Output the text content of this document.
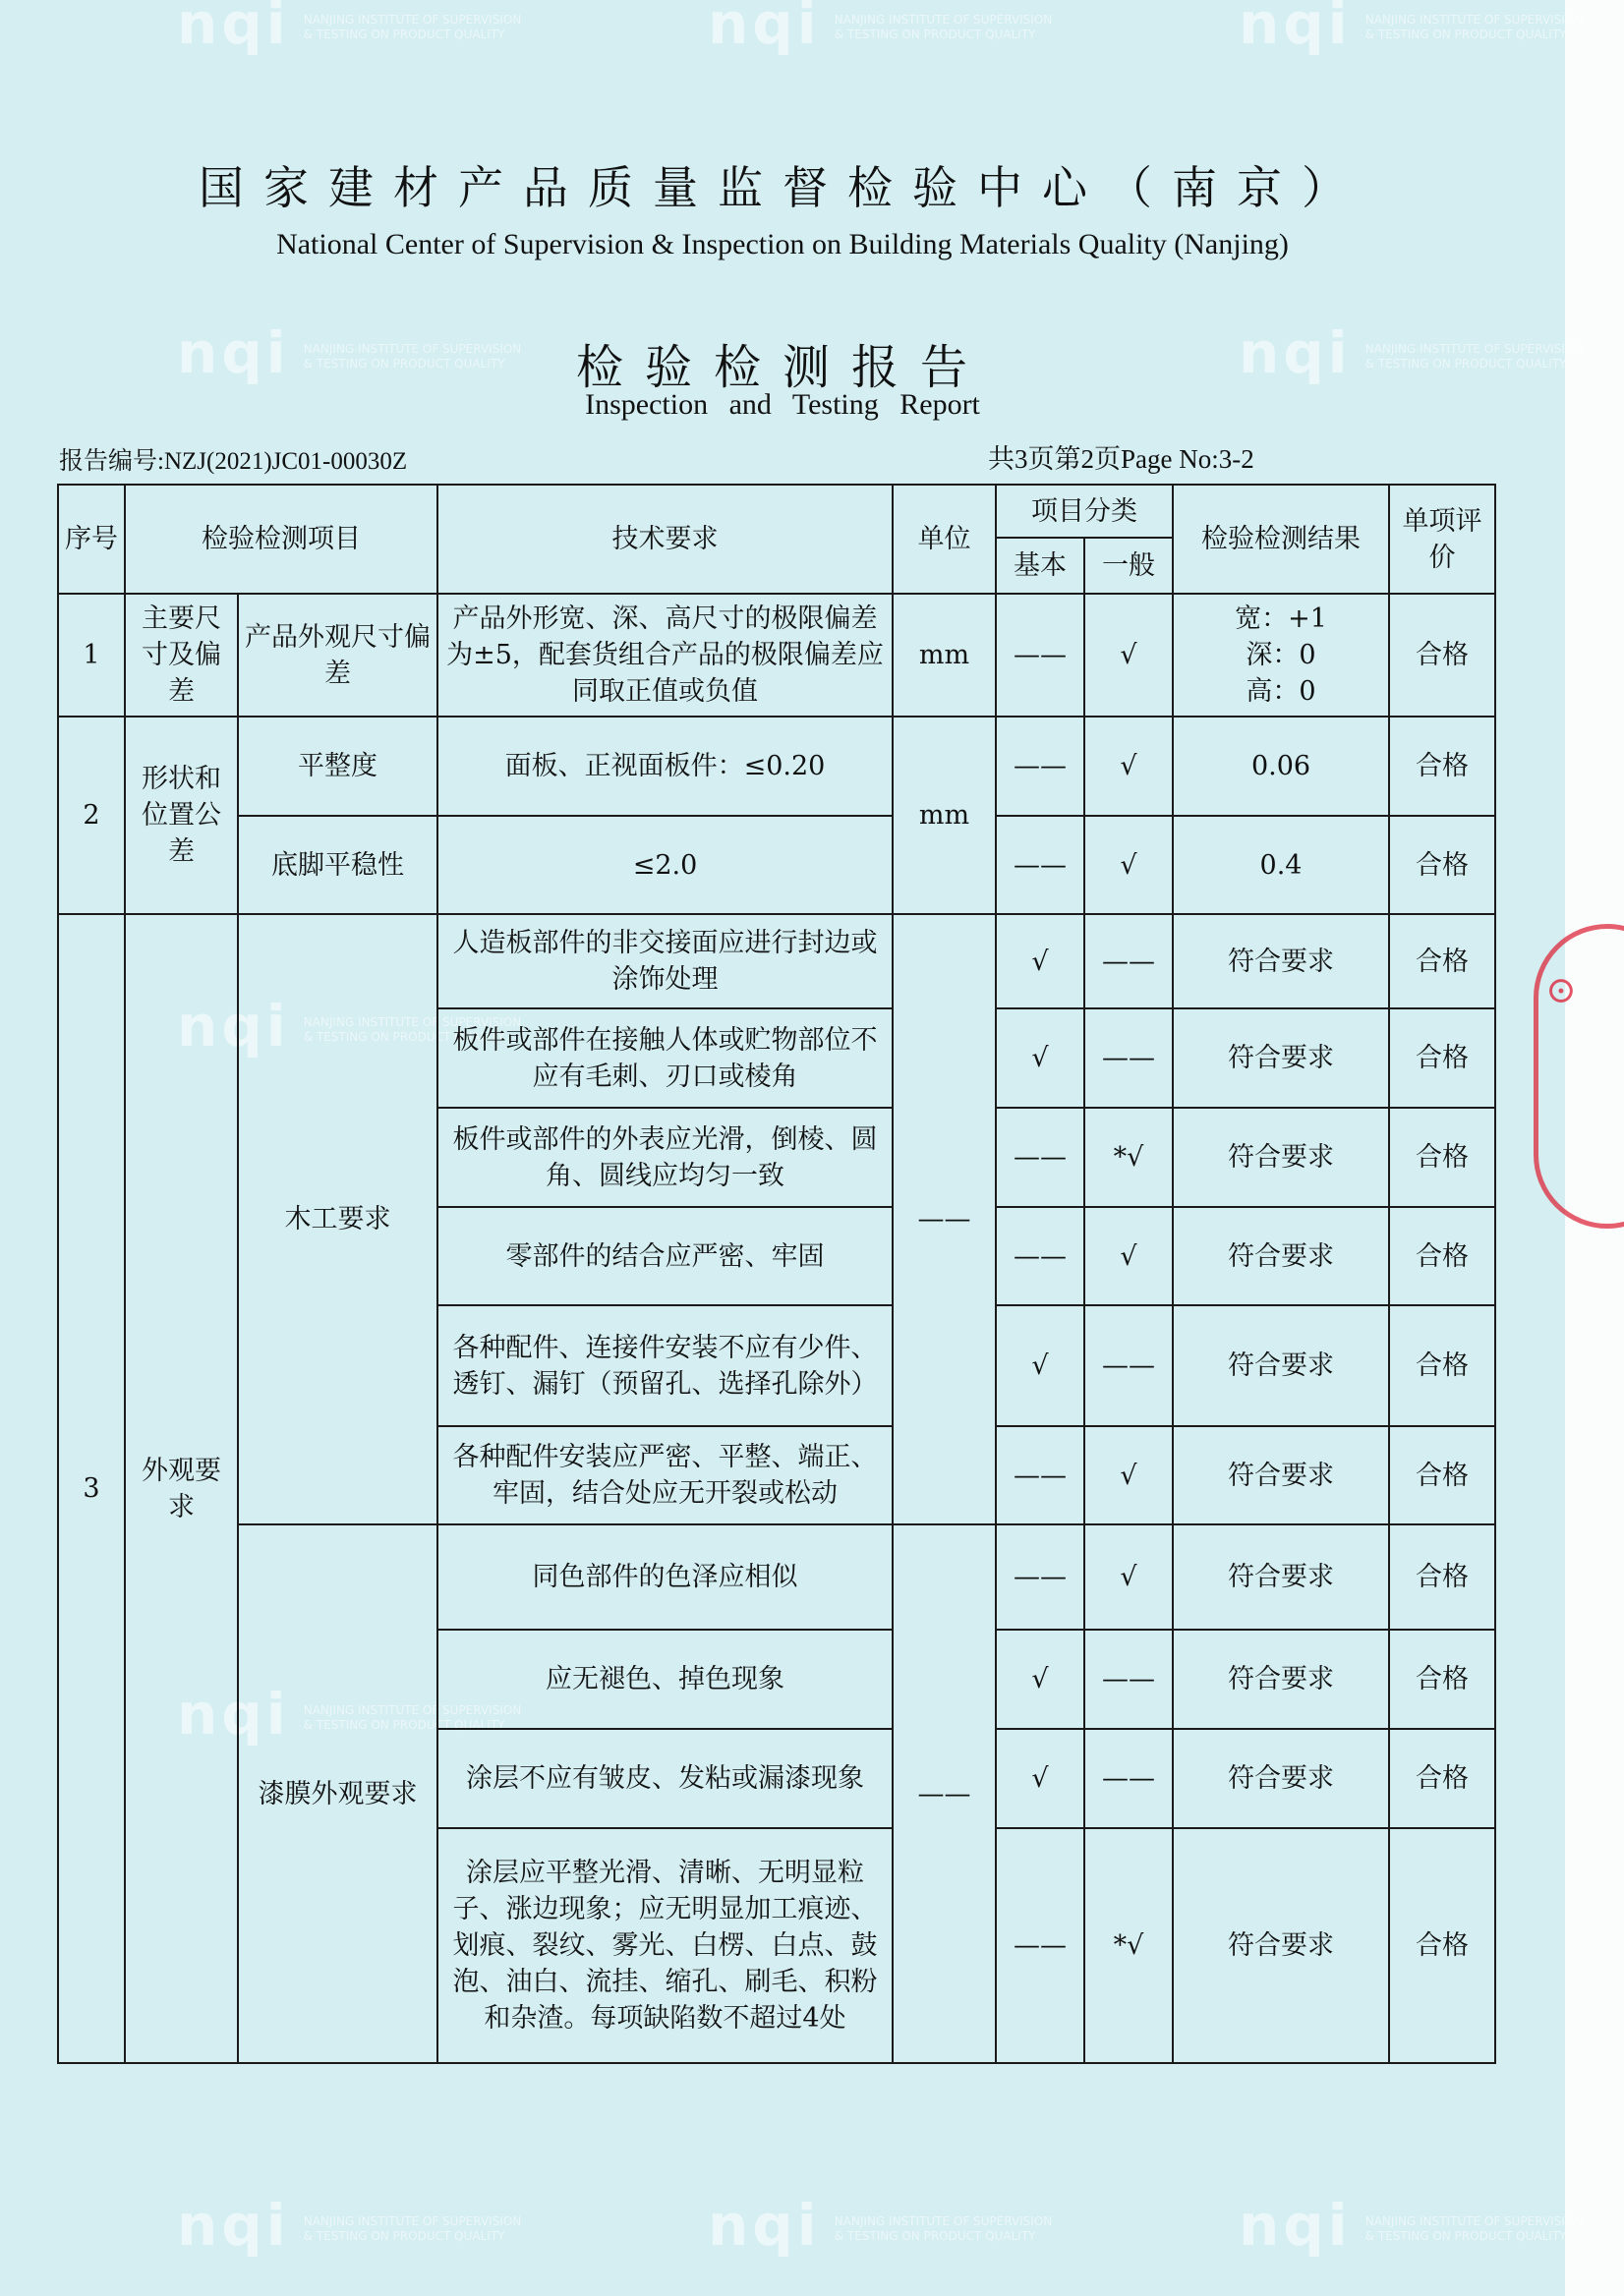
nqi NANJING INSTITUTE OF SUPERVISION
& TESTING ON PRODUCT QUALITY	nqi NANJING INSTITUTE OF SUPERVISION
& TESTING ON PRODUCT QUALITY	nqi NANJING INSTITUTE OF SUPERVISION
& TESTING ON PRODUCT QUALITY
nqi NANJING INSTITUTE OF SUPERVISION
& TESTING ON PRODUCT QUALITY	nqi NANJING INSTITUTE OF SUPERVISION
& TESTING ON PRODUCT QUALITY
nqi NANJING INSTITUTE OF SUPERVISION
& TESTING ON PRODUCT QUALITY
nqi NANJING INSTITUTE OF SUPERVISION
& TESTING ON PRODUCT QUALITY
nqi NANJING INSTITUTE OF SUPERVISION
& TESTING ON PRODUCT QUALITY	nqi NANJING INSTITUTE OF SUPERVISION
& TESTING ON PRODUCT QUALITY	nqi NANJING INSTITUTE OF SUPERVISION
& TESTING ON PRODUCT QUALITY
国家建材产品质量监督检验中心（南京）
National Center of Supervision & Inspection on Building Materials Quality (Nanjing)
检验检测报告
Inspection and Testing Report
报告编号:NZJ(2021)JC01-00030Z	共3页第2页Page No:3-2
序号	检验检测项目		技术要求	单位	项目分类		检验检测结果	单项评价
					基本	一般		
1	主要尺寸及偏差	产品外观尺寸偏差	产品外形宽、深、高尺寸的极限偏差为±5，配套货组合产品的极限偏差应同取正值或负值	mm	——	√	宽：+1
深：0
高：0	合格
2	形状和位置公差	平整度	面板、正视面板件：≤0.20	mm	——	√	0.06	合格
		底脚平稳性	≤2.0		——	√	0.4	合格
3	外观要求	木工要求	人造板部件的非交接面应进行封边或涂饰处理	——	√	——	符合要求	合格
			板件或部件在接触人体或贮物部位不应有毛刺、刃口或棱角		√	——	符合要求	合格
			板件或部件的外表应光滑，倒棱、圆角、圆线应均匀一致		——	*√	符合要求	合格
			零部件的结合应严密、牢固		——	√	符合要求	合格
			各种配件、连接件安装不应有少件、透钉、漏钉（预留孔、选择孔除外）		√	——	符合要求	合格
			各种配件安装应严密、平整、端正、牢固，结合处应无开裂或松动		——	√	符合要求	合格
		漆膜外观要求	同色部件的色泽应相似	——	——	√	符合要求	合格
			应无褪色、掉色现象		√	——	符合要求	合格
			涂层不应有皱皮、发粘或漏漆现象		√	——	符合要求	合格
			涂层应平整光滑、清晰、无明显粒子、涨边现象；应无明显加工痕迹、划痕、裂纹、雾光、白楞、白点、鼓泡、油白、流挂、缩孔、刷毛、积粉和杂渣。每项缺陷数不超过4处		——	*√	符合要求	合格
⊙
